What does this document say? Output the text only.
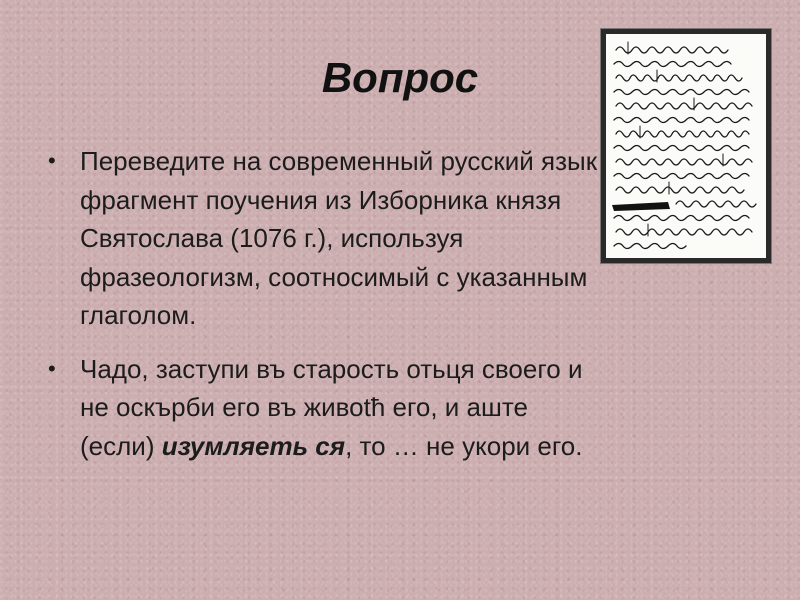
Вопрос
• Переведите на современный русский язык фрагмент поучения из Изборника князя Святослава (1076 г.), используя фразеологизм, соотносимый с указанным глаголом.
• Чадо, заступи въ старость отьця своего и не оскърби его въ живоtћ его, и аште (если) изумляеть ся, то … не укори его.
